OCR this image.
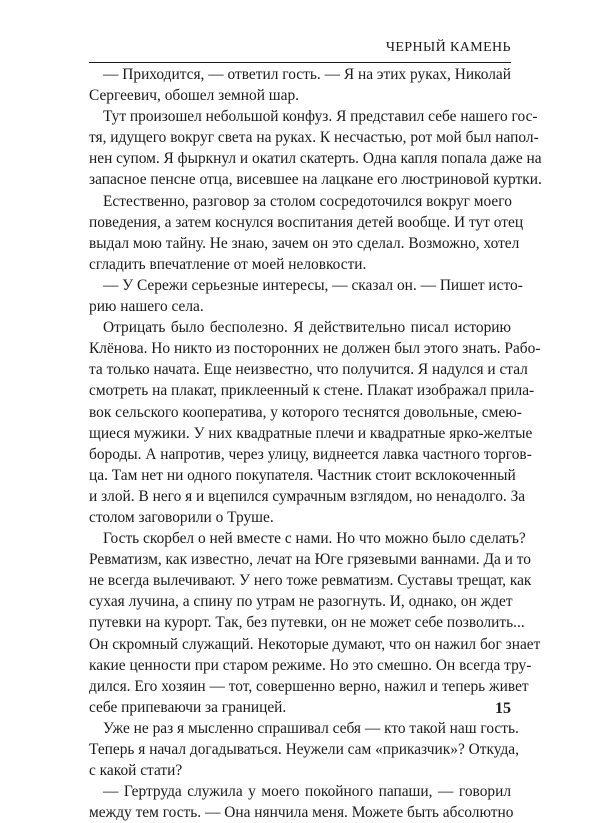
ЧЕРНЫЙ КАМЕНЬ
— Приходится, — ответил гость. — Я на этих руках, Николай
Сергеевич, обошел земной шар.
Тут произошел небольшой конфуз. Я представил себе нашего гос-
тя, идущего вокруг света на руках. К несчастью, рот мой был напол-
нен супом. Я фыркнул и окатил скатерть. Одна капля попала даже на
запасное пенсне отца, висевшее на лацкане его люстриновой куртки.
Естественно, разговор за столом сосредоточился вокруг моего
поведения, а затем коснулся воспитания детей вообще. И тут отец
выдал мою тайну. Не знаю, зачем он это сделал. Возможно, хотел
сгладить впечатление от моей неловкости.
— У Сережи серьезные интересы, — сказал он. — Пишет исто-
рию нашего села.
Отрицать было бесполезно. Я действительно писал историю
Клёнова. Но никто из посторонних не должен был этого знать. Рабо-
та только начата. Еще неизвестно, что получится. Я надулся и стал
смотреть на плакат, приклеенный к стене. Плакат изображал прила-
вок сельского кооператива, у которого теснятся довольные, смею-
щиеся мужики. У них квадратные плечи и квадратные ярко-желтые
бороды. А напротив, через улицу, виднеется лавка частного торгов-
ца. Там нет ни одного покупателя. Частник стоит всклокоченный
и злой. В него я и вцепился сумрачным взглядом, но ненадолго. За
столом заговорили о Труше.
Гость скорбел о ней вместе с нами. Но что можно было сделать?
Ревматизм, как известно, лечат на Юге грязевыми ваннами. Да и то
не всегда вылечивают. У него тоже ревматизм. Суставы трещат, как
сухая лучина, а спину по утрам не разогнуть. И, однако, он ждет
путевки на курорт. Так, без путевки, он не может себе позволить...
Он скромный служащий. Некоторые думают, что он нажил бог знает
какие ценности при старом режиме. Но это смешно. Он всегда тру-
дился. Его хозяин — тот, совершенно верно, нажил и теперь живет
себе припеваючи за границей.
Уже не раз я мысленно спрашивал себя — кто такой наш гость.
Теперь я начал догадываться. Неужели сам «приказчик»? Откуда,
с какой стати?
— Гертруда служила у моего покойного папаши, — говорил
между тем гость. — Она нянчила меня. Можете быть абсолютно
15
